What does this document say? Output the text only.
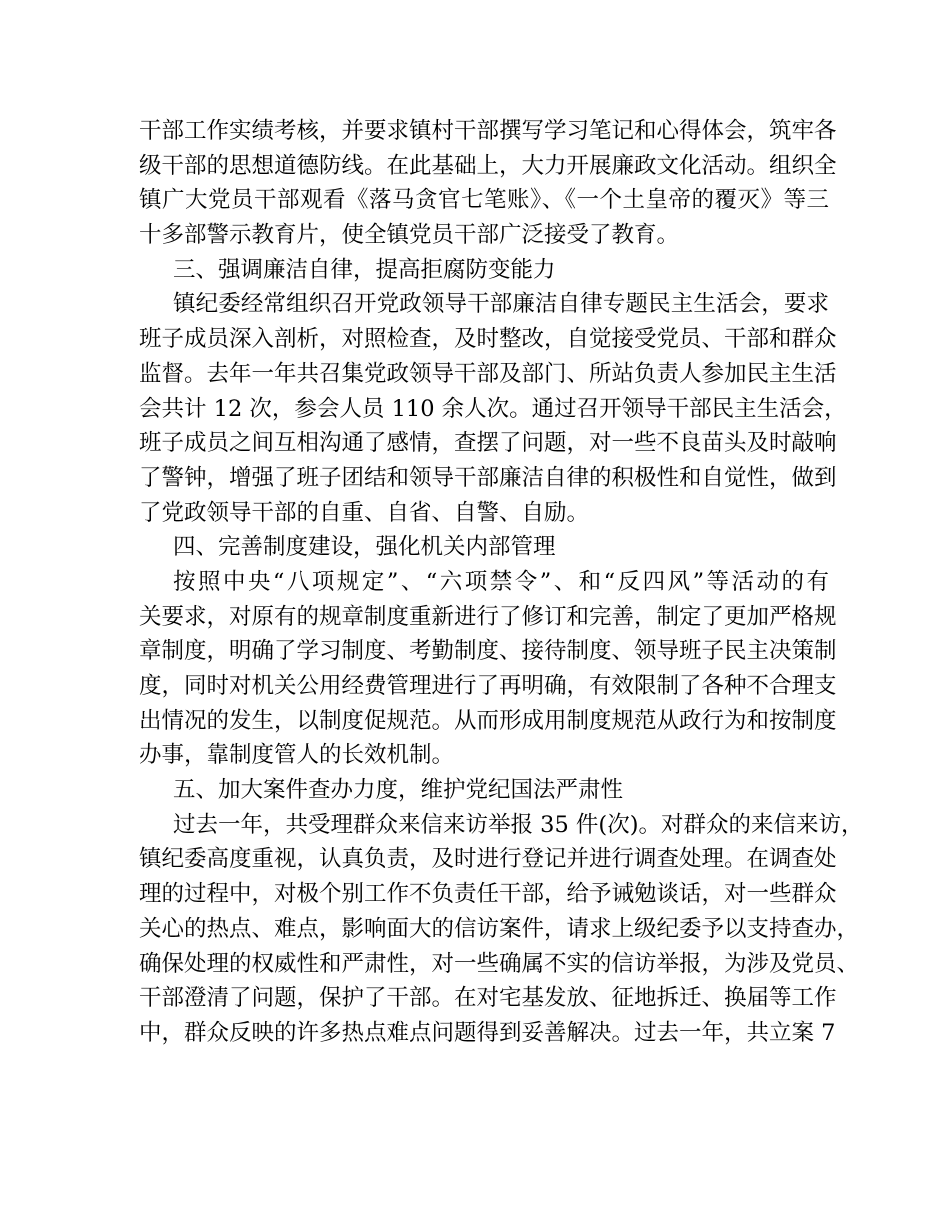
干部工作实绩考核，并要求镇村干部撰写学习笔记和心得体会，筑牢各
级干部的思想道德防线。在此基础上，大力开展廉政文化活动。组织全
镇广大党员干部观看《落马贪官七笔账》、《一个土皇帝的覆灭》等三
十多部警示教育片，使全镇党员干部广泛接受了教育。
三、强调廉洁自律，提高拒腐防变能力
镇纪委经常组织召开党政领导干部廉洁自律专题民主生活会，要求
班子成员深入剖析，对照检查，及时整改，自觉接受党员、干部和群众
监督。去年一年共召集党政领导干部及部门、所站负责人参加民主生活
会共计 12 次，参会人员 110 余人次。通过召开领导干部民主生活会，
班子成员之间互相沟通了感情，查摆了问题，对一些不良苗头及时敲响
了警钟，增强了班子团结和领导干部廉洁自律的积极性和自觉性，做到
了党政领导干部的自重、自省、自警、自励。
四、完善制度建设，强化机关内部管理
按照中央“八项规定”、“六项禁令”、和“反四风”等活动的有
关要求，对原有的规章制度重新进行了修订和完善，制定了更加严格规
章制度，明确了学习制度、考勤制度、接待制度、领导班子民主决策制
度，同时对机关公用经费管理进行了再明确，有效限制了各种不合理支
出情况的发生，以制度促规范。从而形成用制度规范从政行为和按制度
办事，靠制度管人的长效机制。
五、加大案件查办力度，维护党纪国法严肃性
过去一年，共受理群众来信来访举报 35 件(次)。对群众的来信来访，
镇纪委高度重视，认真负责，及时进行登记并进行调查处理。在调查处
理的过程中，对极个别工作不负责任干部，给予诫勉谈话，对一些群众
关心的热点、难点，影响面大的信访案件，请求上级纪委予以支持查办，
确保处理的权威性和严肃性，对一些确属不实的信访举报，为涉及党员、
干部澄清了问题，保护了干部。在对宅基发放、征地拆迁、换届等工作
中，群众反映的许多热点难点问题得到妥善解决。过去一年，共立案 7
